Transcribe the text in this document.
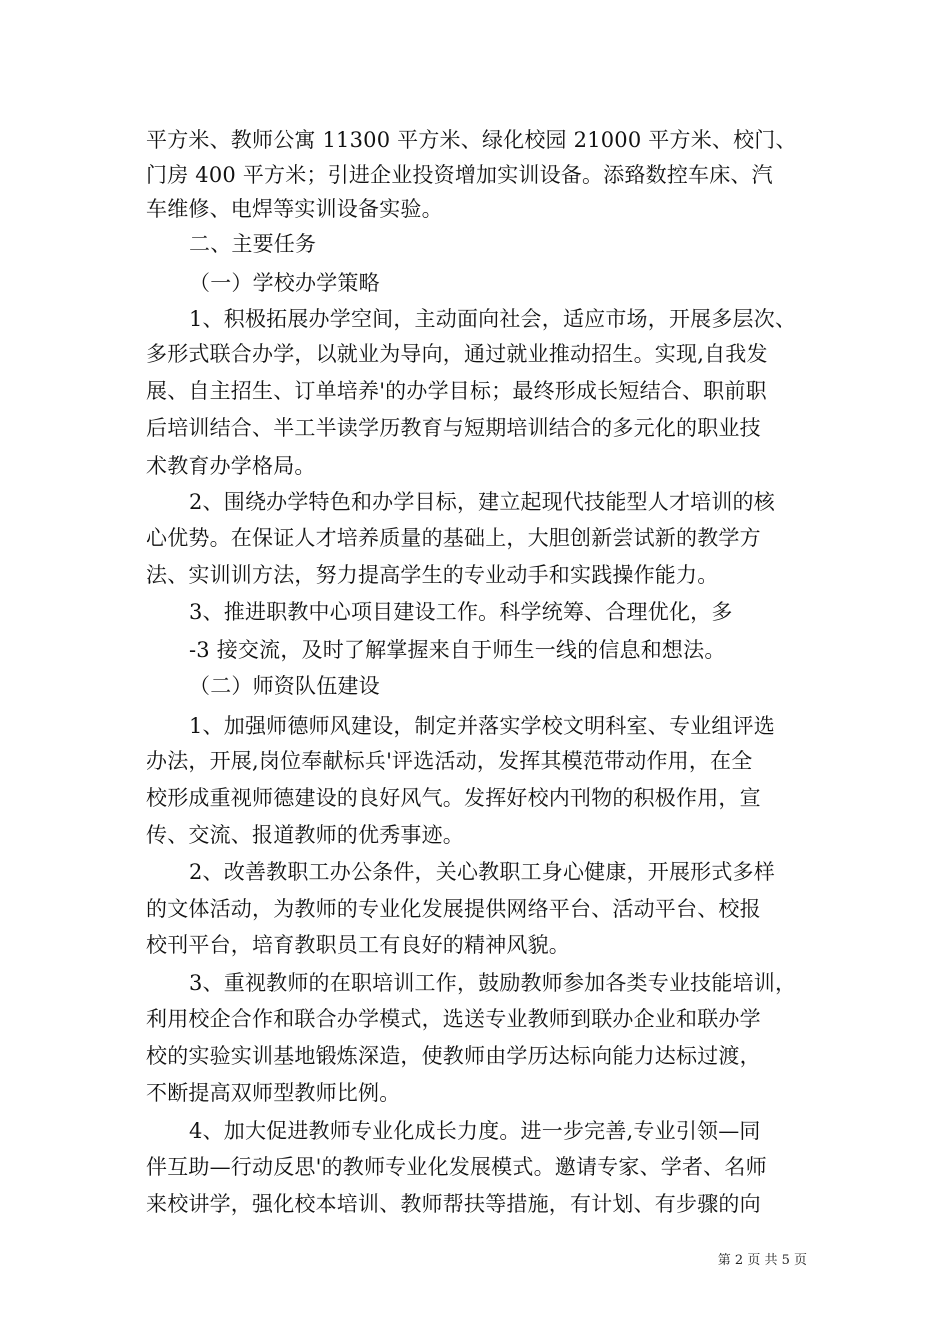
平方米、教师公寓 11300 平方米、绿化校园 21000 平方米、校门、
门房 400 平方米；引进企业投资增加实训设备。添臵数控车床、汽
车维修、电焊等实训设备实验。
二、主要任务
（一）学校办学策略
1、积极拓展办学空间，主动面向社会，适应市场，开展多层次、
多形式联合办学，以就业为导向，通过就业推动招生。实现,自我发
展、自主招生、订单培养'的办学目标；最终形成长短结合、职前职
后培训结合、半工半读学历教育与短期培训结合的多元化的职业技
术教育办学格局。
2、围绕办学特色和办学目标，建立起现代技能型人才培训的核
心优势。在保证人才培养质量的基础上，大胆创新尝试新的教学方
法、实训训方法，努力提高学生的专业动手和实践操作能力。
3、推进职教中心项目建设工作。科学统筹、合理优化，多
-3 接交流，及时了解掌握来自于师生一线的信息和想法。
（二）师资队伍建设
1、加强师德师风建设，制定并落实学校文明科室、专业组评选
办法，开展,岗位奉献标兵'评选活动，发挥其模范带动作用，在全
校形成重视师德建设的良好风气。发挥好校内刊物的积极作用，宣
传、交流、报道教师的优秀事迹。
2、改善教职工办公条件，关心教职工身心健康，开展形式多样
的文体活动，为教师的专业化发展提供网络平台、活动平台、校报
校刊平台，培育教职员工有良好的精神风貌。
3、重视教师的在职培训工作，鼓励教师参加各类专业技能培训，
利用校企合作和联合办学模式，选送专业教师到联办企业和联办学
校的实验实训基地锻炼深造，使教师由学历达标向能力达标过渡，
不断提高双师型教师比例。
4、加大促进教师专业化成长力度。进一步完善,专业引领—同
伴互助—行动反思'的教师专业化发展模式。邀请专家、学者、名师
来校讲学，强化校本培训、教师帮扶等措施，有计划、有步骤的向
第 2 页 共 5 页
